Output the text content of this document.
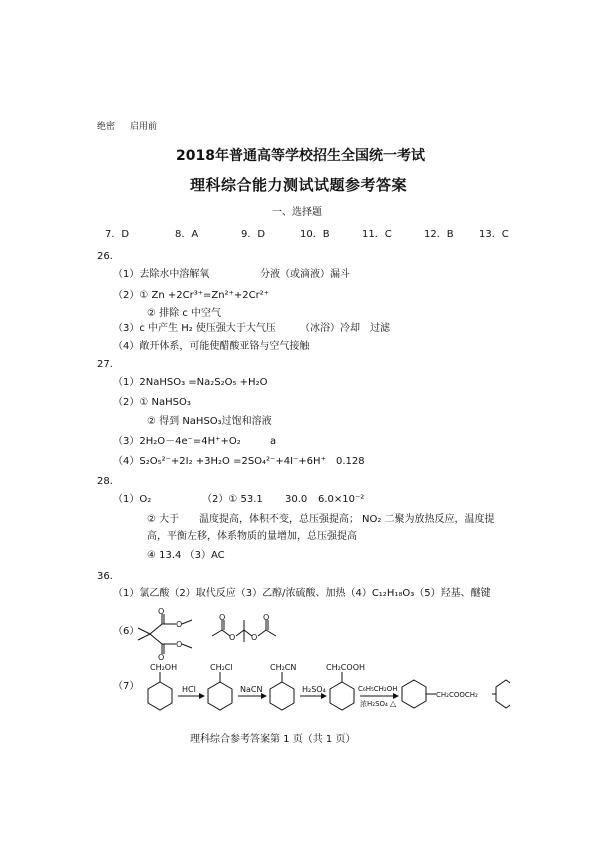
绝密 启用前
2018年普通高等学校招生全国统一考试
理科综合能力测试试题参考答案
一、选择题
7．D	8．A	9．D	10．B	11．C	12．B	13．C
26．
（1）去除水中溶解氧	分液（或滴液）漏斗
（2）① Zn +2Cr³⁺=Zn²⁺+2Cr²⁺
② 排除 c 中空气
（3）c 中产生 H₂ 使压强大于大气压 （冰浴）冷却 过滤
（4）敞开体系，可能使醋酸亚铬与空气接触
27．
（1）2NaHSO₃ =Na₂S₂O₅ +H₂O
（2）① NaHSO₃
② 得到 NaHSO₃过饱和溶液
（3）2H₂O－4e⁻=4H⁺+O₂	a
（4）S₂O₅²⁻+2I₂ +3H₂O =2SO₄²⁻+4I⁻+6H⁺ 0.128
28．
（1）O₂	（2）① 53.1 30.0 6.0×10⁻²
② 大于 温度提高，体积不变，总压强提高； NO₂ 二聚为放热反应，温度提
高，平衡左移，体系物质的量增加，总压强提高
④ 13.4 （3）AC
36．
（1）氯乙酸（2）取代反应（3）乙醇/浓硫酸、加热（4）C₁₂H₁₈O₃（5）羟基、醚键
（6）
O
O
O
O
O
O O
O
（7）
CH₂OH
HCl
CH₂Cl
NaCN
CH₂CN
H₂SO₄
CH₂COOH
C₆H₅CH₂OH
浓H₂SO₄ △
CH₂COOCH₂
理科综合参考答案第 1 页（共 1 页）
